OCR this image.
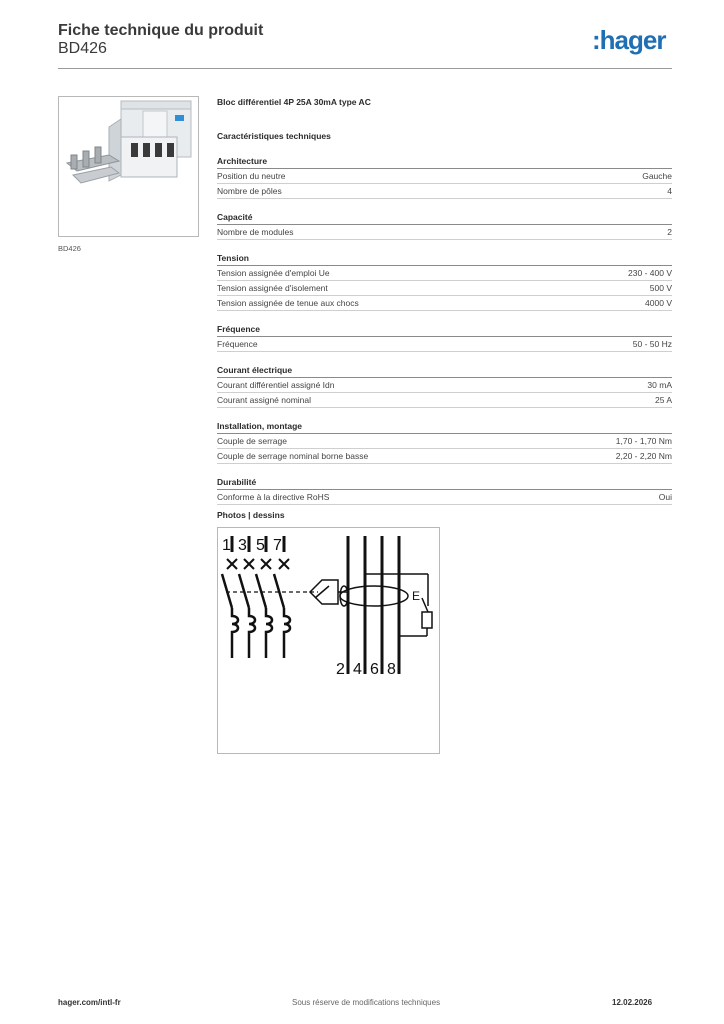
Fiche technique du produit
BD426	:hager
BD426
Bloc différentiel 4P 25A 30mA type AC
Caractéristiques techniques
Architecture
Position du neutre	Gauche
Nombre de pôles	4
Capacité
Nombre de modules	2
Tension
Tension assignée d'emploi Ue	230 - 400 V
Tension assignée d'isolement	500 V
Tension assignée de tenue aux chocs	4000 V
Fréquence
Fréquence	50 - 50 Hz
Courant électrique
Courant différentiel assigné Idn	30 mA
Courant assigné nominal	25 A
Installation, montage
Couple de serrage	1,70 - 1,70 Nm
Couple de serrage nominal borne basse	2,20 - 2,20 Nm
Durabilité
Conforme à la directive RoHS	Oui
Photos | dessins
1 3 5 7
E
2 4 6 8
hager.com/intl-fr	Sous réserve de modifications techniques	12.02.2026
